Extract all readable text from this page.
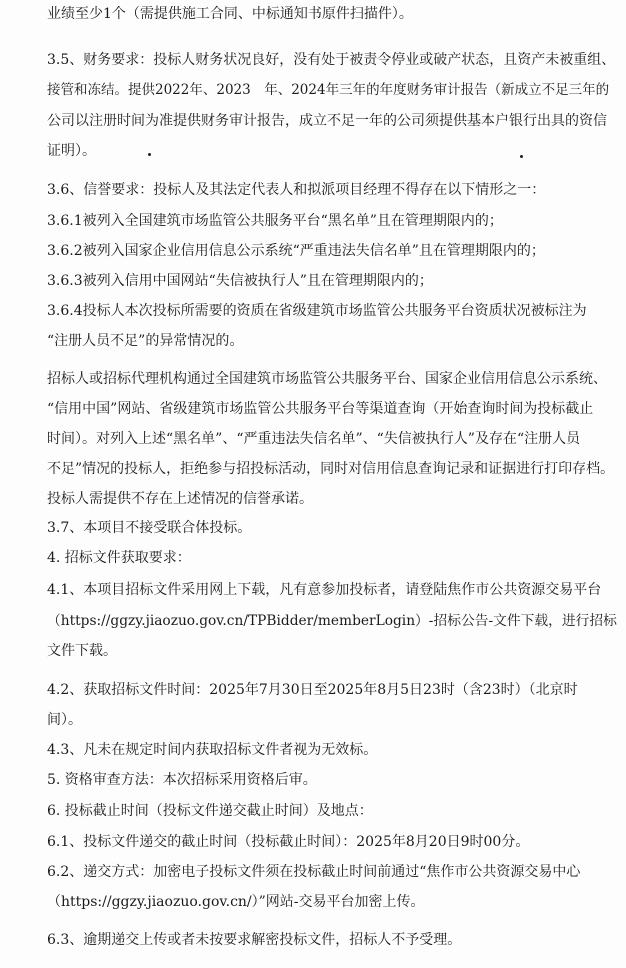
业绩至少1个（需提供施工合同、中标通知书原件扫描件）。
3.5、财务要求：投标人财务状况良好，没有处于被责令停业或破产状态，且资产未被重组、
接管和冻结。提供2022年、2023　年、2024年三年的年度财务审计报告（新成立不足三年的
公司以注册时间为准提供财务审计报告，成立不足一年的公司须提供基本户银行出具的资信
证明）。
3.6、信誉要求：投标人及其法定代表人和拟派项目经理不得存在以下情形之一：
3.6.1被列入全国建筑市场监管公共服务平台“黑名单”且在管理期限内的；
3.6.2被列入国家企业信用信息公示系统“严重违法失信名单”且在管理期限内的；
3.6.3被列入信用中国网站“失信被执行人”且在管理期限内的；
3.6.4投标人本次投标所需要的资质在省级建筑市场监管公共服务平台资质状况被标注为
“注册人员不足”的异常情况的。
招标人或招标代理机构通过全国建筑市场监管公共服务平台、国家企业信用信息公示系统、
“信用中国”网站、省级建筑市场监管公共服务平台等渠道查询（开始查询时间为投标截止
时间）。对列入上述“黑名单”、“严重违法失信名单”、“失信被执行人”及存在“注册人员
不足”情况的投标人，拒绝参与招投标活动，同时对信用信息查询记录和证据进行打印存档。
投标人需提供不存在上述情况的信誉承诺。
3.7、本项目不接受联合体投标。
4. 招标文件获取要求：
4.1、本项目招标文件采用网上下载，凡有意参加投标者，请登陆焦作市公共资源交易平台
（https://ggzy.jiaozuo.gov.cn/TPBidder/memberLogin）-招标公告-文件下载，进行招标
文件下载。
4.2、获取招标文件时间：2025年7月30日至2025年8月5日23时（含23时）（北京时
间）。
4.3、凡未在规定时间内获取招标文件者视为无效标。
5. 资格审查方法：本次招标采用资格后审。
6. 投标截止时间（投标文件递交截止时间）及地点：
6.1、投标文件递交的截止时间（投标截止时间）：2025年8月20日9时00分。
6.2、递交方式：加密电子投标文件须在投标截止时间前通过“焦作市公共资源交易中心
（https://ggzy.jiaozuo.gov.cn/）”网站-交易平台加密上传。
6.3、逾期递交上传或者未按要求解密投标文件，招标人不予受理。
